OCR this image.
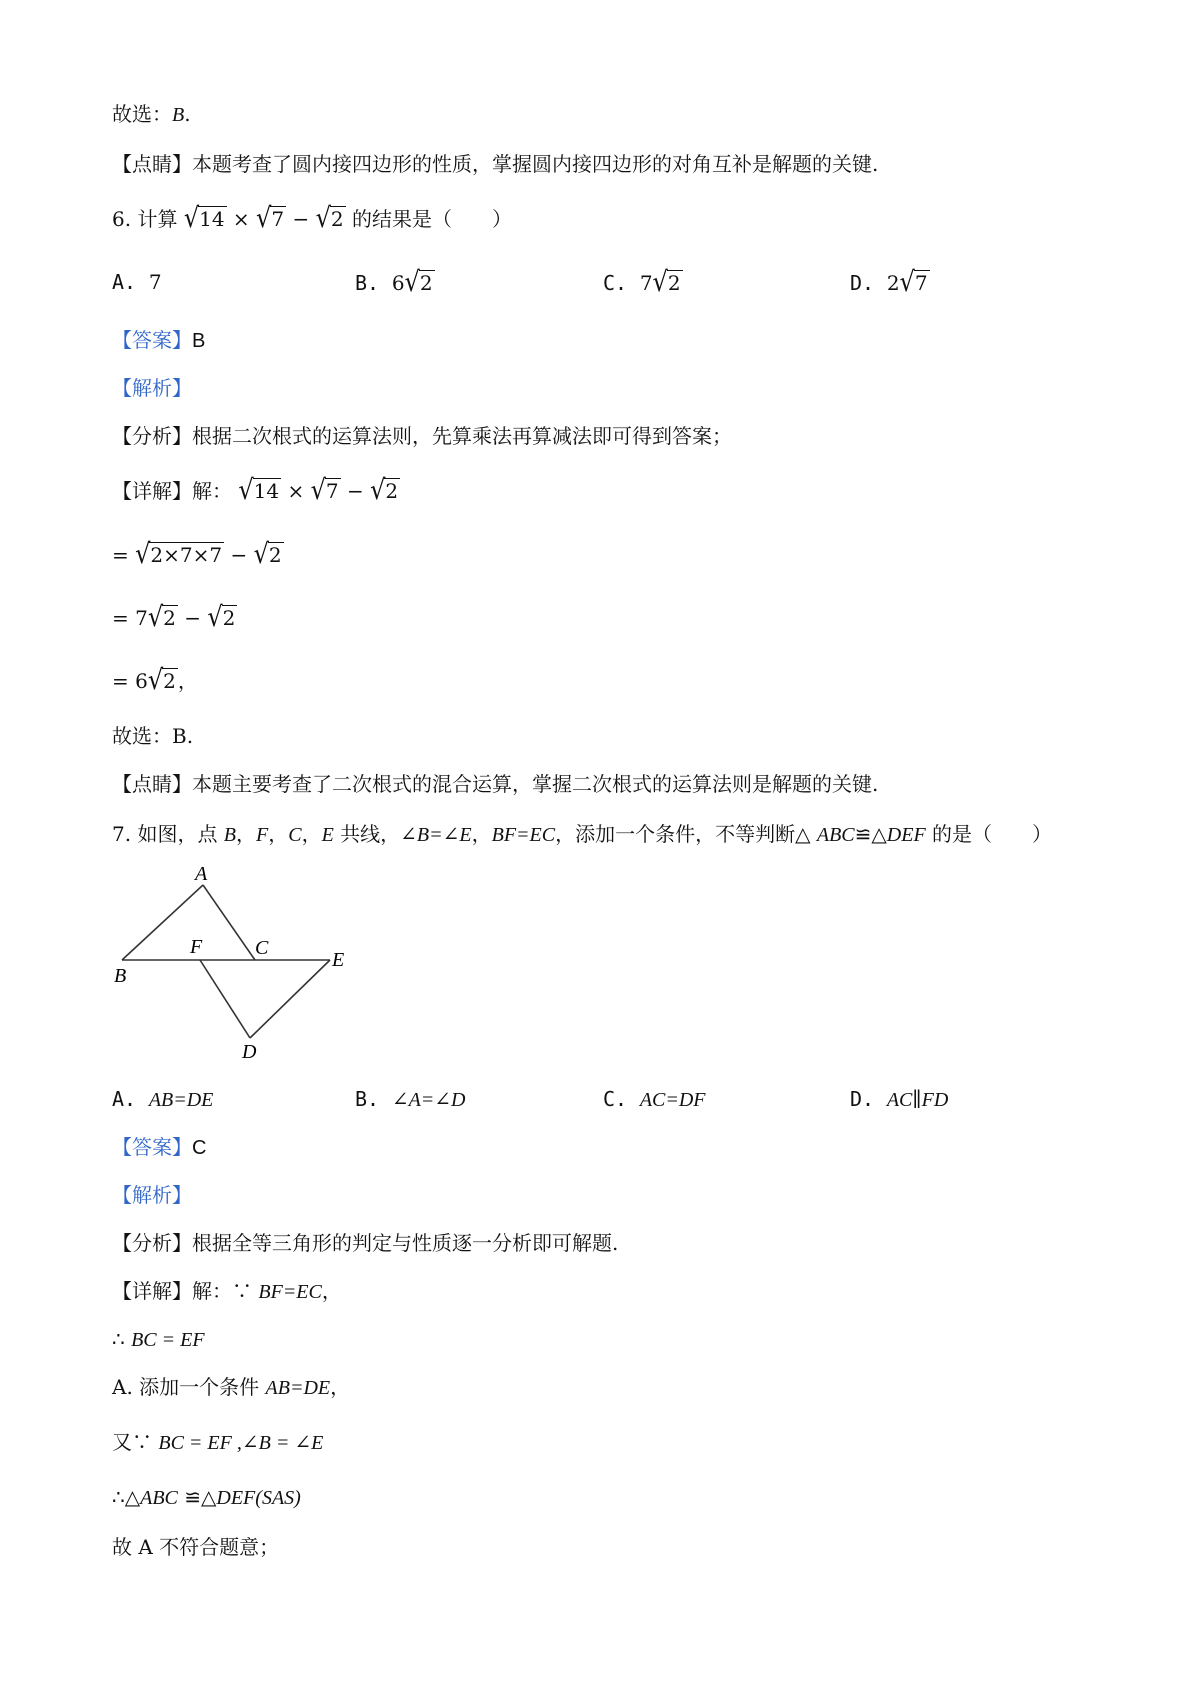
故选：B.
【点睛】本题考查了圆内接四边形的性质，掌握圆内接四边形的对角互补是解题的关键.
6. 计算 √14 × √7 − √2 的结果是（　　）
A. 7	B. 6√2	C. 7√2	D. 2√7
【答案】B
【解析】
【分析】根据二次根式的运算法则，先算乘法再算减法即可得到答案；
【详解】解： √14 × √7 − √2
= √2×7×7 − √2
= 7√2 − √2
= 6√2 ，
故选：B.
【点睛】本题主要考查了二次根式的混合运算，掌握二次根式的运算法则是解题的关键.
7. 如图，点 B，F，C，E 共线，∠B=∠E，BF=EC，添加一个条件，不等判断△ ABC≌△DEF 的是（　　）
A
B
C
D
E
F
A. AB=DE	B. ∠A=∠D	C. AC=DF	D. AC∥FD
【答案】C
【解析】
【分析】根据全等三角形的判定与性质逐一分析即可解题.
【详解】解：∵ BF=EC，
∴ BC = EF
A. 添加一个条件 AB=DE，
又∵ BC = EF ,∠B = ∠E
∴△ABC ≌△DEF(SAS)
故 A 不符合题意；
